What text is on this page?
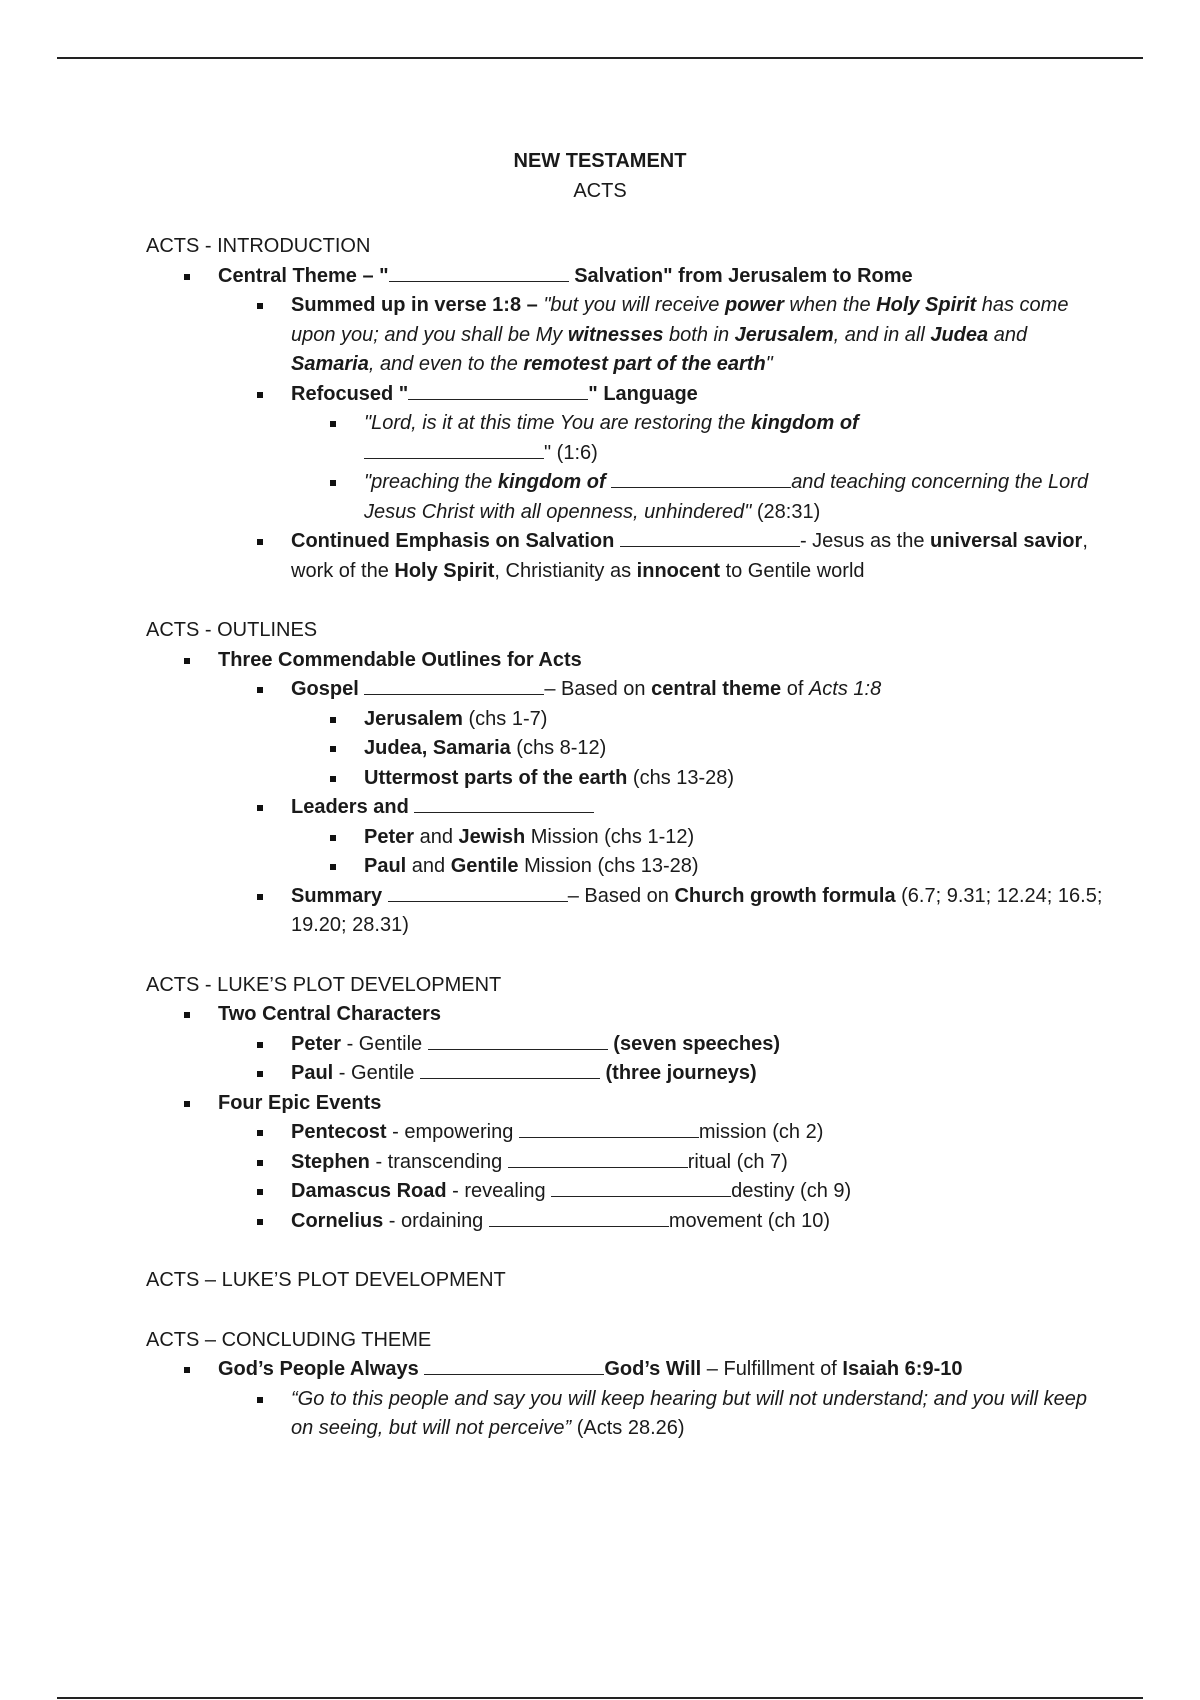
NEW TESTAMENT
ACTS
ACTS - INTRODUCTION
Central Theme – "	Salvation" from Jerusalem to Rome
Summed up in verse 1:8 – "but you will receive power when the Holy Spirit has come upon you; and you shall be My witnesses both in Jerusalem, and in all Judea and Samaria, and even to the remotest part of the earth"
Refocused "	" Language
"Lord, is it at this time You are restoring the kingdom of
" (1:6)
"preaching the kingdom of	and teaching concerning the Lord Jesus Christ with all openness, unhindered" (28:31)
Continued Emphasis on Salvation	- Jesus as the universal savior, work of the Holy Spirit, Christianity as innocent to Gentile world
ACTS - OUTLINES
Three Commendable Outlines for Acts
Gospel	– Based on central theme of Acts 1:8
Jerusalem (chs 1-7)
Judea, Samaria (chs 8-12)
Uttermost parts of the earth (chs 13-28)
Leaders and
Peter and Jewish Mission (chs 1-12)
Paul and Gentile Mission (chs 13-28)
Summary	– Based on Church growth formula (6.7; 9.31; 12.24; 16.5; 19.20; 28.31)
ACTS - LUKE’S PLOT DEVELOPMENT
Two Central Characters
Peter - Gentile	(seven speeches)
Paul - Gentile	(three journeys)
Four Epic Events
Pentecost - empowering	mission (ch 2)
Stephen - transcending	ritual (ch 7)
Damascus Road - revealing	destiny (ch 9)
Cornelius - ordaining	movement (ch 10)
ACTS – LUKE’S PLOT DEVELOPMENT
ACTS – CONCLUDING THEME
God’s People Always	God’s Will – Fulfillment of Isaiah 6:9-10
“Go to this people and say you will keep hearing but will not understand; and you will keep on seeing, but will not perceive” (Acts 28.26)
